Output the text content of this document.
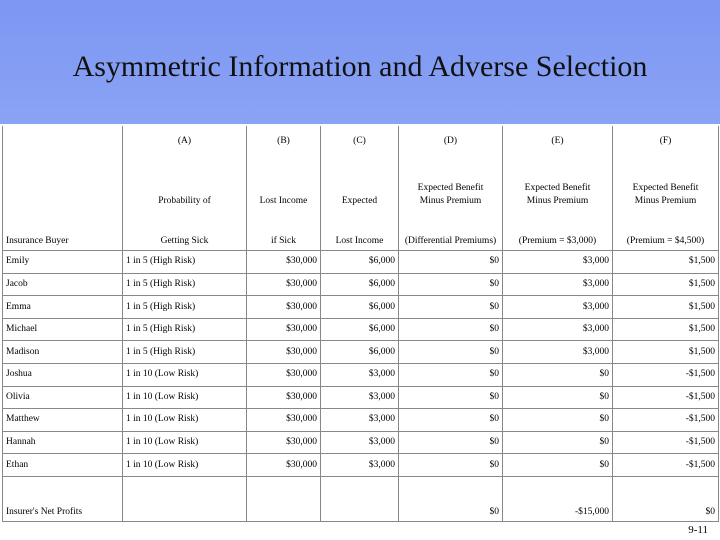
Asymmetric Information and Adverse Selection
	(A)	(B)	(C)	(D)	(E)	(F)
				Expected Benefit	Expected Benefit	Expected Benefit
	Probability of	Lost Income	Expected	Minus Premium	Minus Premium	Minus Premium
Insurance Buyer	Getting Sick	if Sick	Lost Income	(Differential Premiums)	(Premium = $3,000)	(Premium = $4,500)
Emily	1 in 5 (High Risk)	$30,000	$6,000	$0	$3,000	$1,500
Jacob	1 in 5 (High Risk)	$30,000	$6,000	$0	$3,000	$1,500
Emma	1 in 5 (High Risk)	$30,000	$6,000	$0	$3,000	$1,500
Michael	1 in 5 (High Risk)	$30,000	$6,000	$0	$3,000	$1,500
Madison	1 in 5 (High Risk)	$30,000	$6,000	$0	$3,000	$1,500
Joshua	1 in 10 (Low Risk)	$30,000	$3,000	$0	$0	-$1,500
Olivia	1 in 10 (Low Risk)	$30,000	$3,000	$0	$0	-$1,500
Matthew	1 in 10 (Low Risk)	$30,000	$3,000	$0	$0	-$1,500
Hannah	1 in 10 (Low Risk)	$30,000	$3,000	$0	$0	-$1,500
Ethan	1 in 10 (Low Risk)	$30,000	$3,000	$0	$0	-$1,500
Insurer's Net Profits				$0	-$15,000	$0
9-11
